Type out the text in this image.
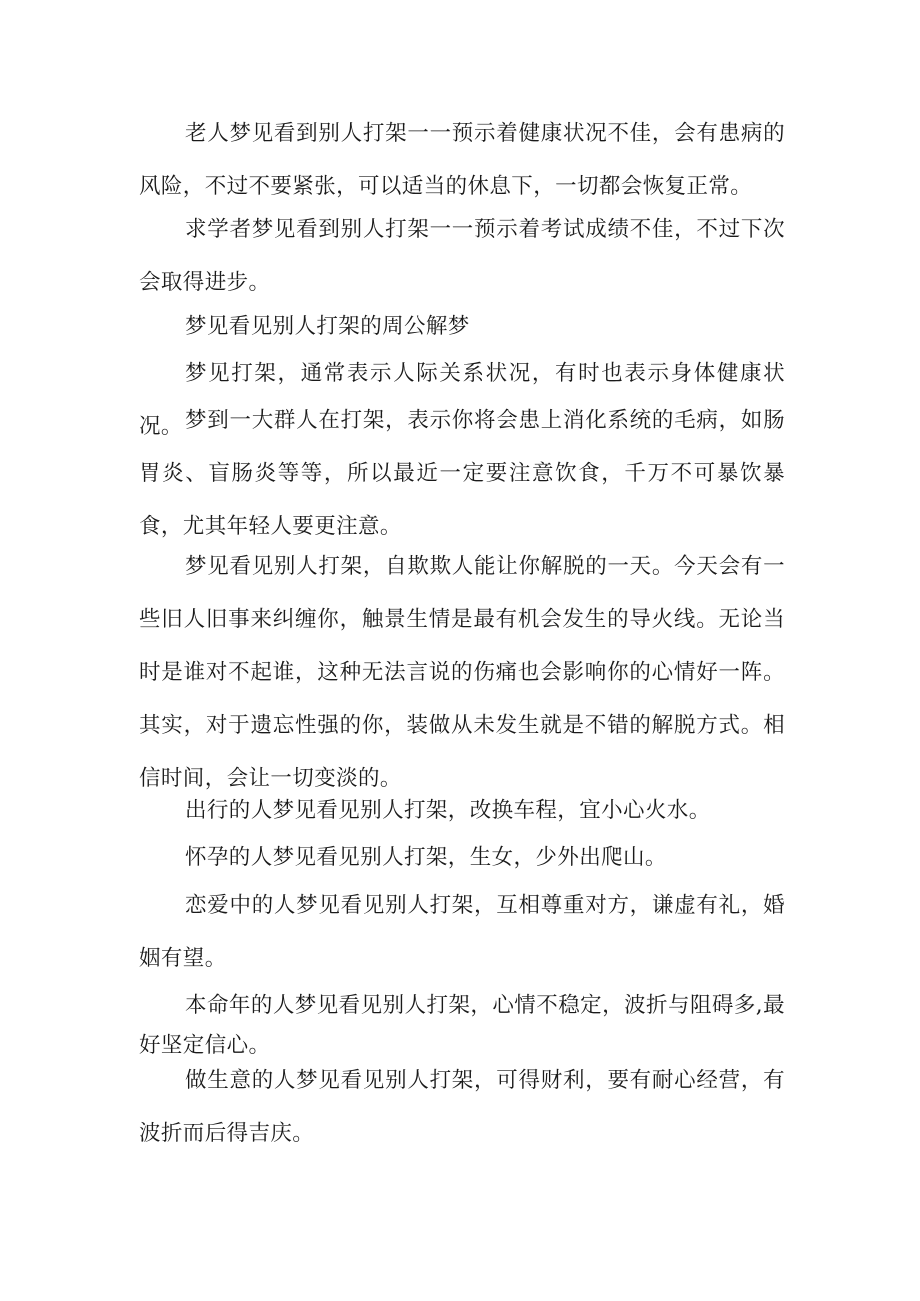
老人梦见看到别人打架一一预示着健康状况不佳，会有患病的风险，不过不要紧张，可以适当的休息下，一切都会恢复正常。

求学者梦见看到别人打架一一预示着考试成绩不佳，不过下次会取得进步。

梦见看见别人打架的周公解梦

梦见打架，通常表示人际关系状况，有时也表示身体健康状况。 梦到一大群人在打架，表示你将会患上消化系统的毛病，如肠胃炎、盲肠炎等等，所以最近一定要注意饮食，千万不可暴饮暴食，尤其年轻人要更注意。

梦见看见别人打架，自欺欺人能让你解脱的一天。今天会有一些旧人旧事来纠缠你，触景生情是最有机会发生的导火线。无论当时是谁对不起谁，这种无法言说的伤痛也会影响你的心情好一阵。其实，对于遗忘性强的你，装做从未发生就是不错的解脱方式。相信时间，会让一切变淡的。

出行的人梦见看见别人打架，改换车程，宜小心火水。

怀孕的人梦见看见别人打架，生女，少外出爬山。

恋爱中的人梦见看见别人打架，互相尊重对方，谦虚有礼，婚姻有望。

本命年的人梦见看见别人打架，心情不稳定，波折与阻碍多,最好坚定信心。

做生意的人梦见看见别人打架，可得财利，要有耐心经营，有波折而后得吉庆。
